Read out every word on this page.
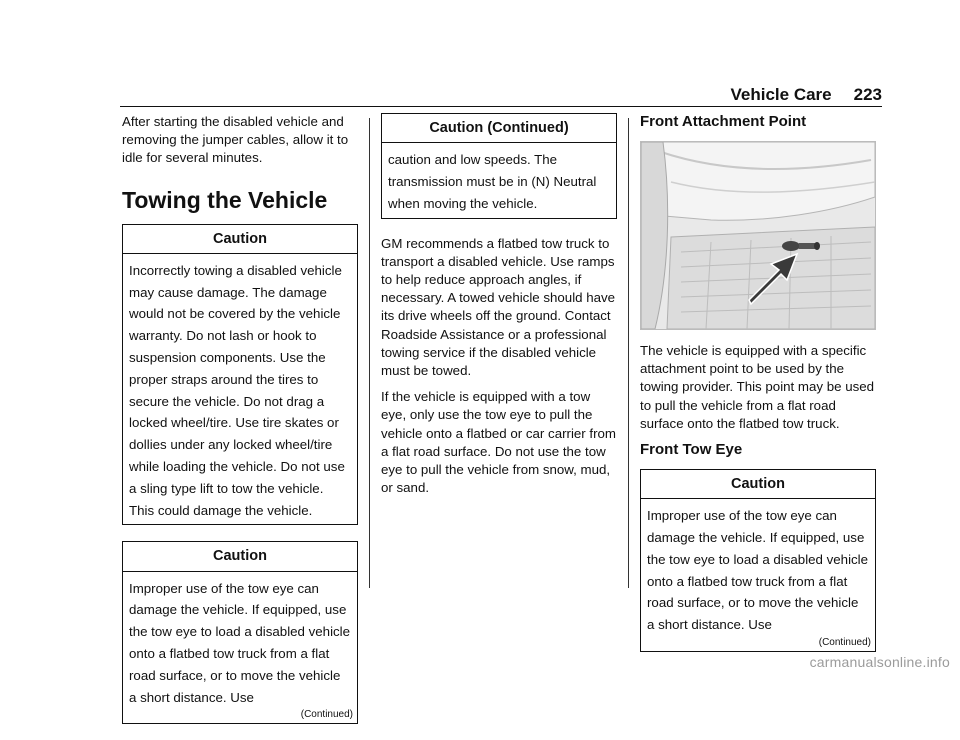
Vehicle Care 223

After starting the disabled vehicle and removing the jumper cables, allow it to idle for several minutes.

Towing the Vehicle
Caution
Incorrectly towing a disabled vehicle may cause damage. The damage would not be covered by the vehicle warranty. Do not lash or hook to suspension components. Use the proper straps around the tires to secure the vehicle. Do not drag a locked wheel/tire. Use tire skates or dollies under any locked wheel/tire while loading the vehicle. Do not use a sling type lift to tow the vehicle. This could damage the vehicle.
Caution
Improper use of the tow eye can damage the vehicle. If equipped, use the tow eye to load a disabled vehicle onto a flatbed tow truck from a flat road surface, or to move the vehicle a short distance. Use
(Continued)
Caution (Continued)
caution and low speeds. The transmission must be in (N) Neutral when moving the vehicle.

GM recommends a flatbed tow truck to transport a disabled vehicle. Use ramps to help reduce approach angles, if necessary. A towed vehicle should have its drive wheels off the ground. Contact Roadside Assistance or a professional towing service if the disabled vehicle must be towed.

If the vehicle is equipped with a tow eye, only use the tow eye to pull the vehicle onto a flatbed or car carrier from a flat road surface. Do not use the tow eye to pull the vehicle from snow, mud, or sand.

Front Attachment Point

The vehicle is equipped with a specific attachment point to be used by the towing provider. This point may be used to pull the vehicle from a flat road surface onto the flatbed tow truck.

Front Tow Eye
Caution
Improper use of the tow eye can damage the vehicle. If equipped, use the tow eye to load a disabled vehicle onto a flatbed tow truck from a flat road surface, or to move the vehicle a short distance. Use
(Continued)
carmanualsonline.info
